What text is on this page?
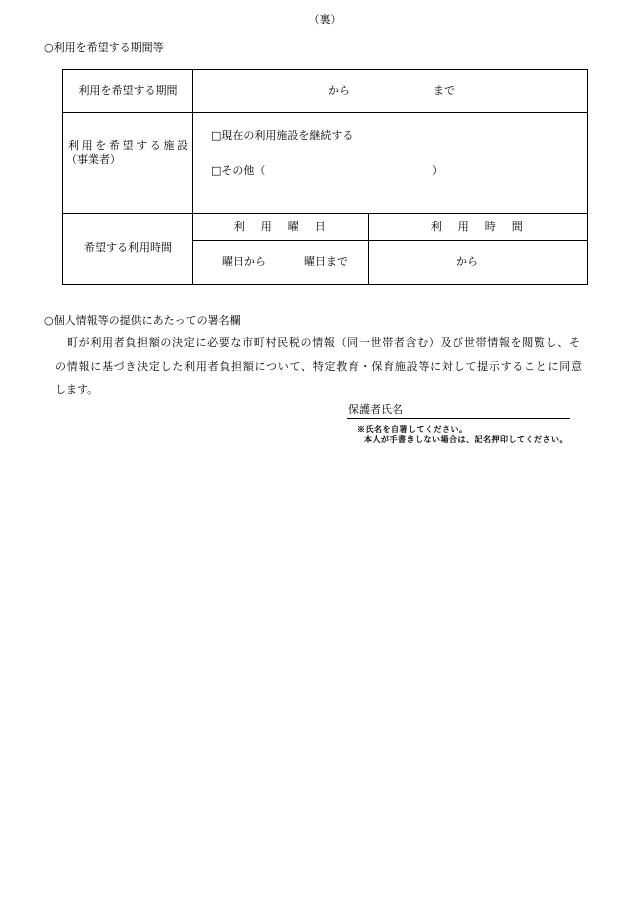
（裏）
○利用を希望する期間等
利用を希望する期間	から	まで
利用を希望する施設
（事業者）
□現在の利用施設を継続する
□その他（	）
希望する利用時間
利　用　曜　日	利　用　時　間
曜日から	曜日まで	から
○個人情報等の提供にあたっての署名欄
町が利用者負担額の決定に必要な市町村民税の情報（同一世帯者含む）及び世帯情報を閲覧し、そ
の情報に基づき決定した利用者負担額について、特定教育・保育施設等に対して提示することに同意
します。
保護者氏名
※氏名を自署してください。
本人が手書きしない場合は、記名押印してください。
